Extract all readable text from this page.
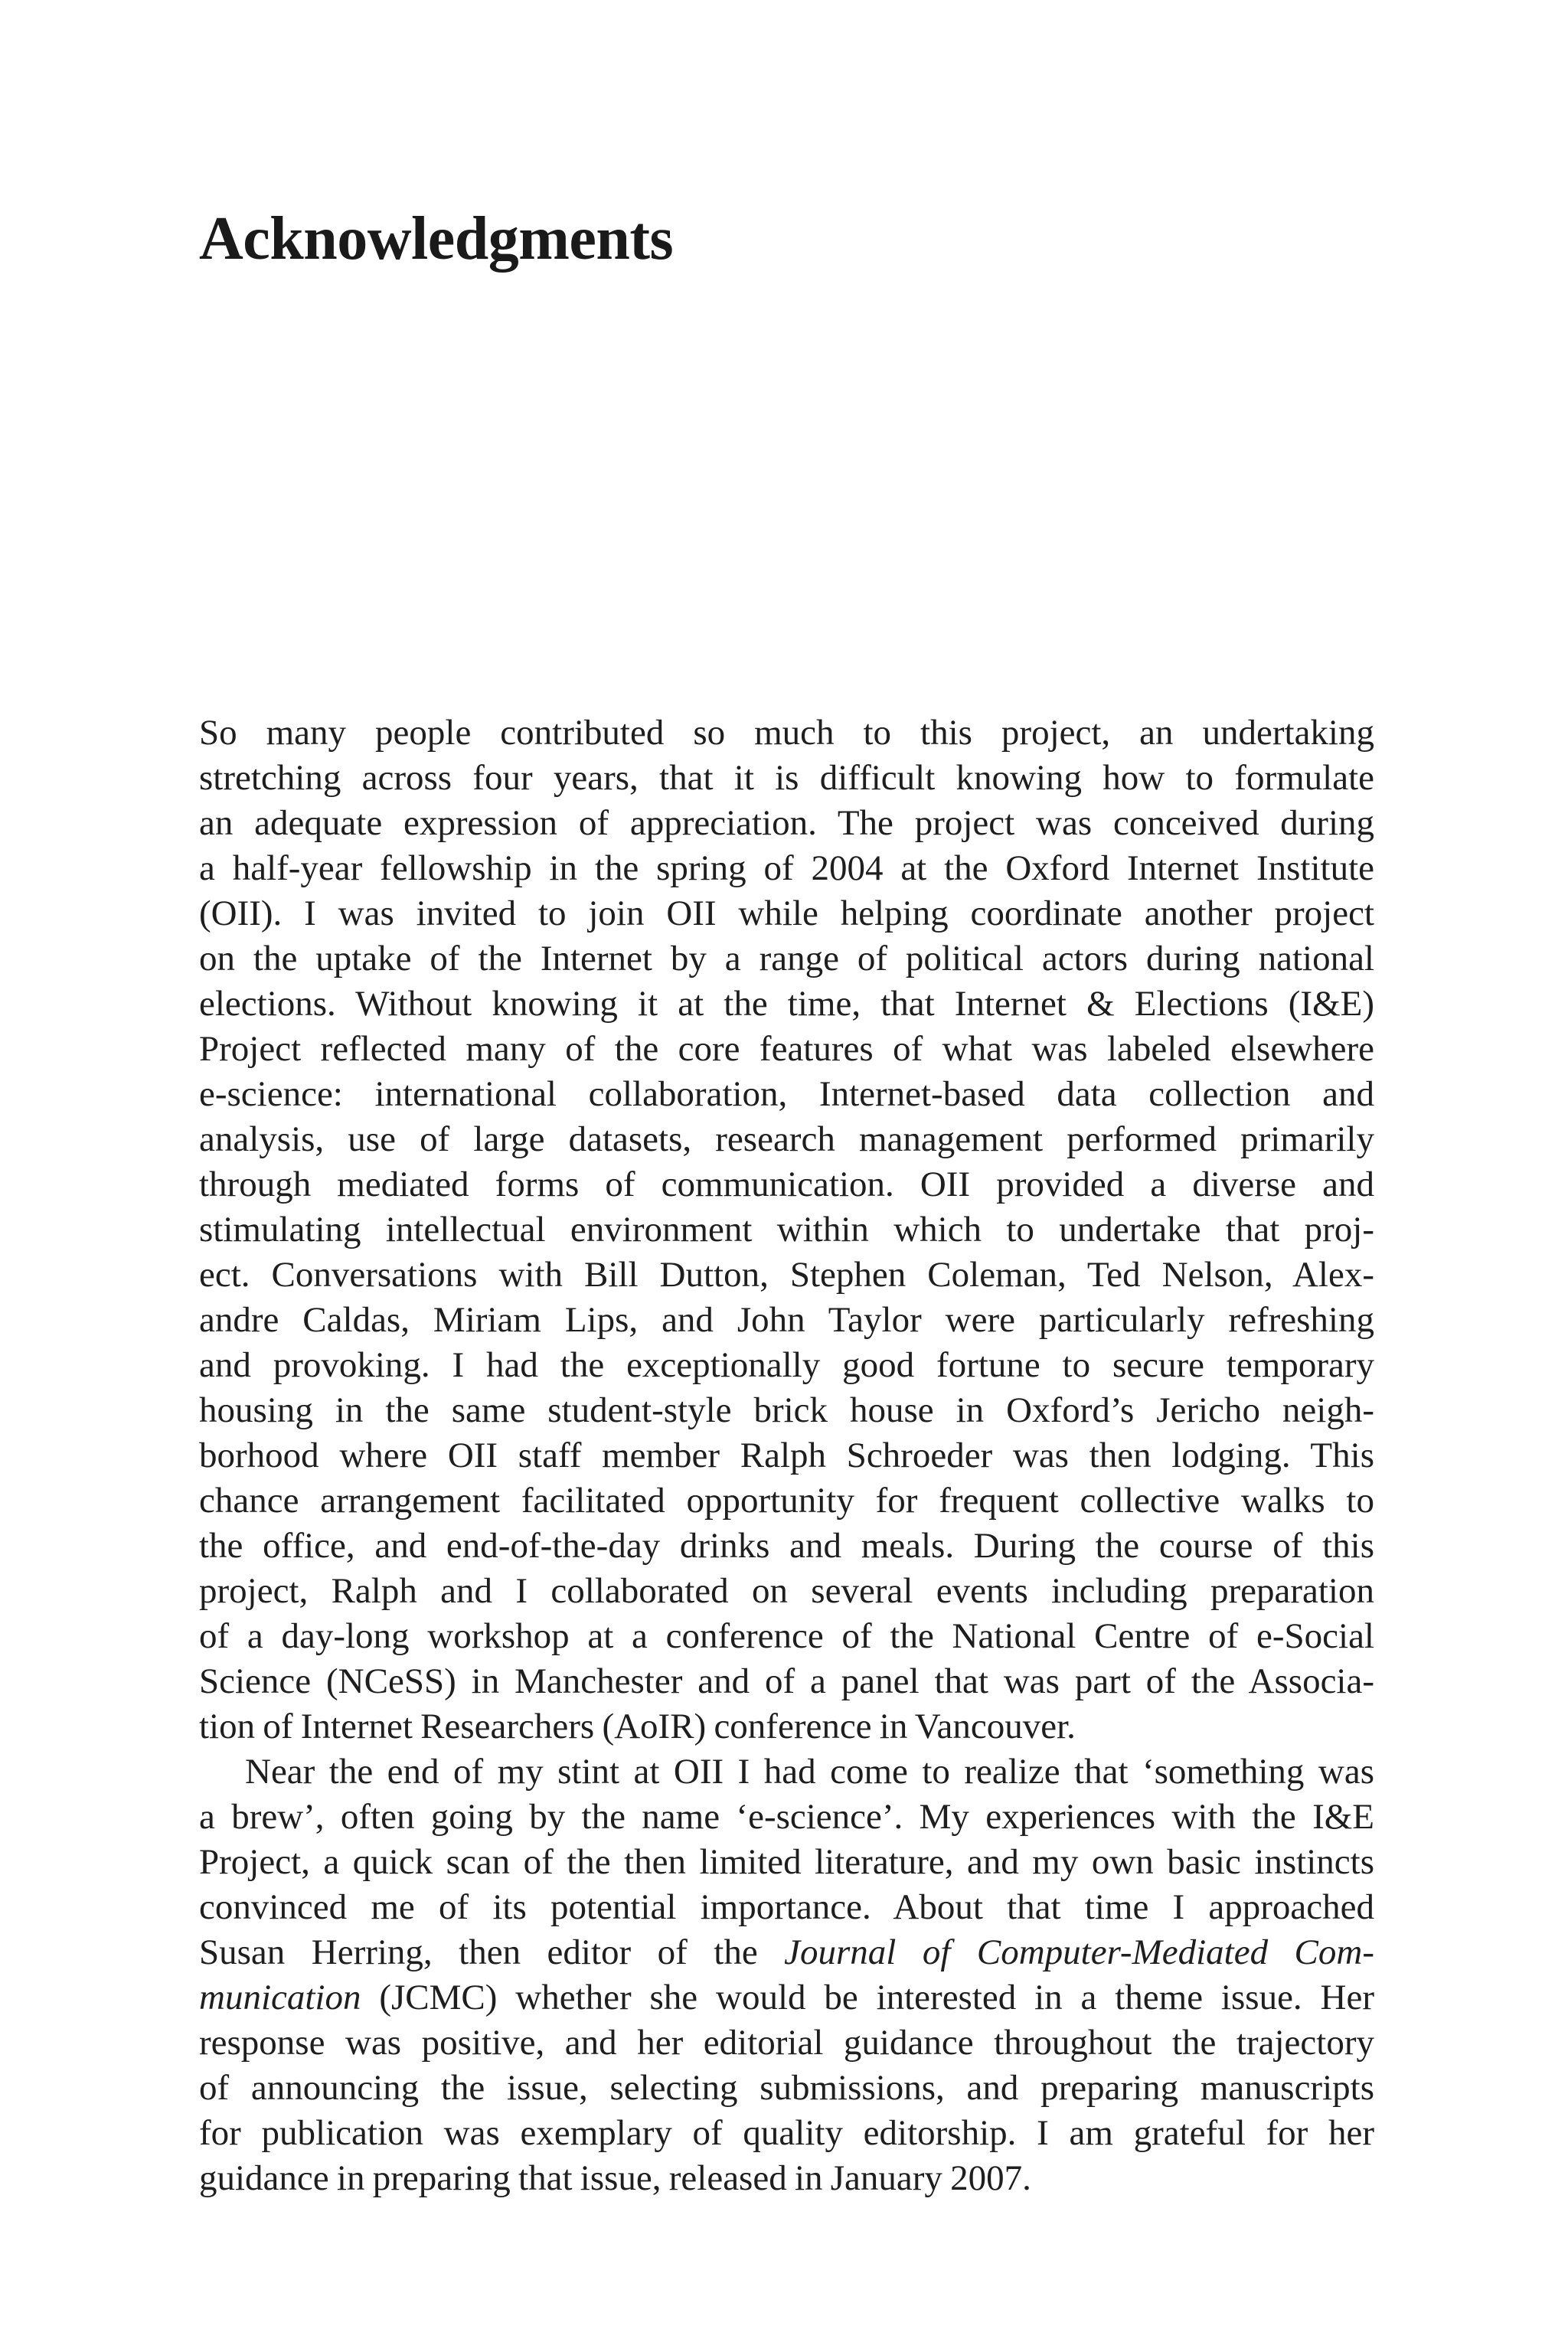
Acknowledgments
So many people contributed so much to this project, an undertaking
stretching across four years, that it is difficult knowing how to formulate
an adequate expression of appreciation. The project was conceived during
a half-year fellowship in the spring of 2004 at the Oxford Internet Institute
(OII). I was invited to join OII while helping coordinate another project
on the uptake of the Internet by a range of political actors during national
elections. Without knowing it at the time, that Internet & Elections (I&E)
Project reflected many of the core features of what was labeled elsewhere
e-science: international collaboration, Internet-based data collection and
analysis, use of large datasets, research management performed primarily
through mediated forms of communication. OII provided a diverse and
stimulating intellectual environment within which to undertake that proj-
ect. Conversations with Bill Dutton, Stephen Coleman, Ted Nelson, Alex-
andre Caldas, Miriam Lips, and John Taylor were particularly refreshing
and provoking. I had the exceptionally good fortune to secure temporary
housing in the same student-style brick house in Oxford’s Jericho neigh-
borhood where OII staff member Ralph Schroeder was then lodging. This
chance arrangement facilitated opportunity for frequent collective walks to
the office, and end-of-the-day drinks and meals. During the course of this
project, Ralph and I collaborated on several events including preparation
of a day-long workshop at a conference of the National Centre of e-Social
Science (NCeSS) in Manchester and of a panel that was part of the Associa-
tion of Internet Researchers (AoIR) conference in Vancouver.
Near the end of my stint at OII I had come to realize that ‘something was
a brew’, often going by the name ‘e-science’. My experiences with the I&E
Project, a quick scan of the then limited literature, and my own basic instincts
convinced me of its potential importance. About that time I approached
Susan Herring, then editor of the Journal of Computer-Mediated Com-
munication (JCMC) whether she would be interested in a theme issue. Her
response was positive, and her editorial guidance throughout the trajectory
of announcing the issue, selecting submissions, and preparing manuscripts
for publication was exemplary of quality editorship. I am grateful for her
guidance in preparing that issue, released in January 2007.
